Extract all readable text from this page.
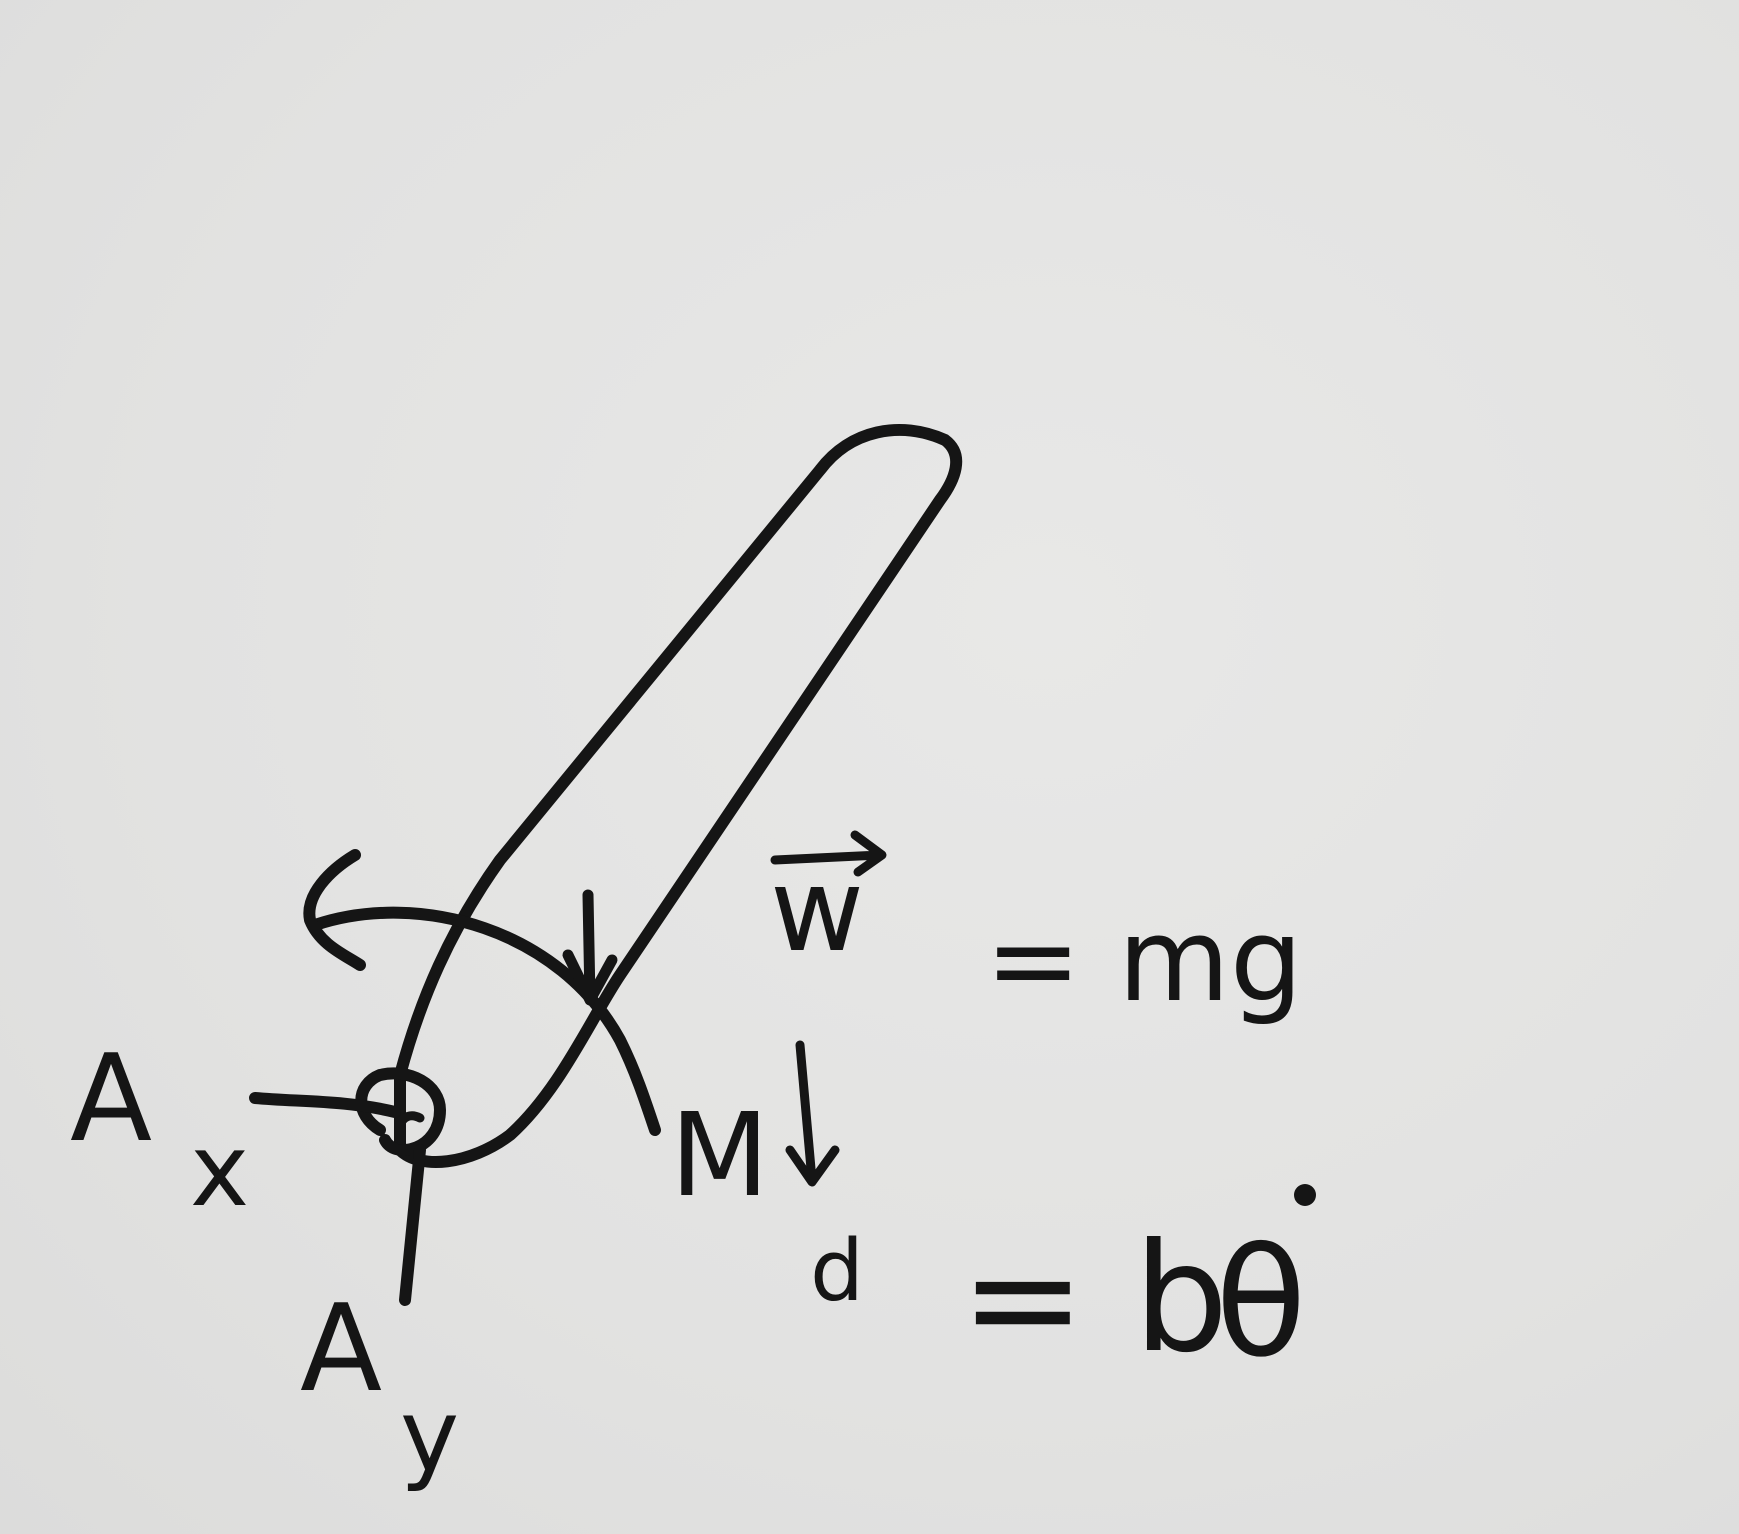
A
x
A
y
w = mg
M
d = b
θ
